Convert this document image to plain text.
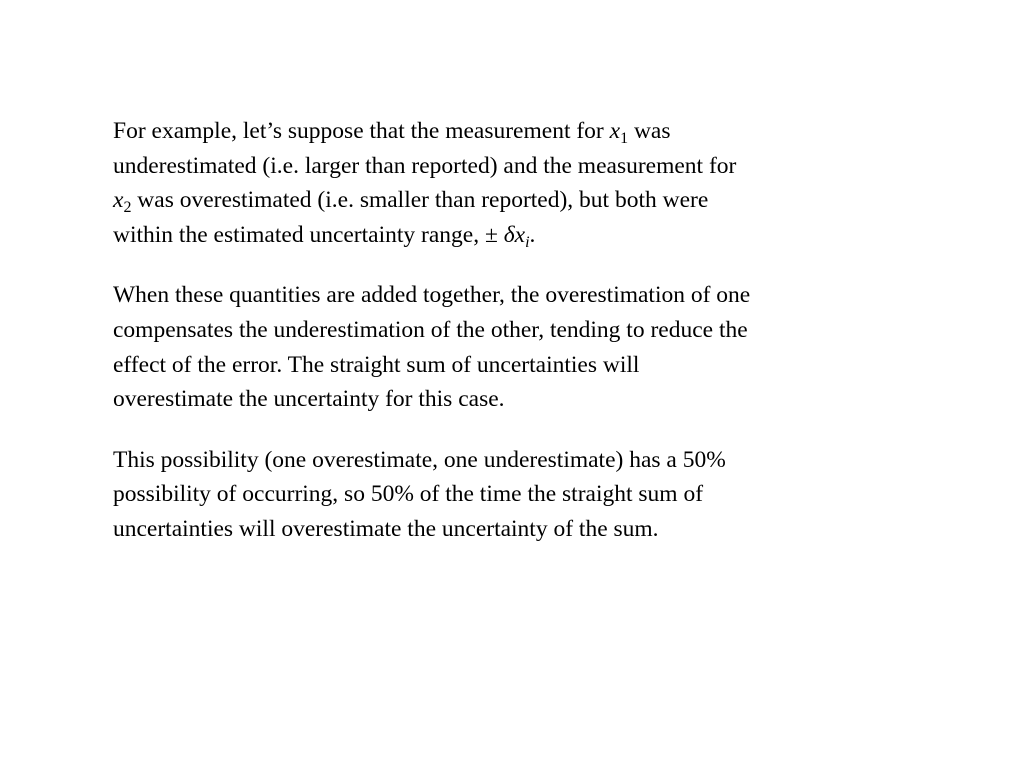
For example, let’s suppose that the measurement for $x_1$ was
underestimated (i.e. larger than reported) and the measurement for
$x_2$ was overestimated (i.e. smaller than reported), but both were
within the estimated uncertainty range, ± $\delta x_i$.

When these quantities are added together, the overestimation of one
compensates the underestimation of the other, tending to reduce the
effect of the error. The straight sum of uncertainties will
overestimate the uncertainty for this case.

This possibility (one overestimate, one underestimate) has a 50%
possibility of occurring, so 50% of the time the straight sum of
uncertainties will overestimate the uncertainty of the sum.
